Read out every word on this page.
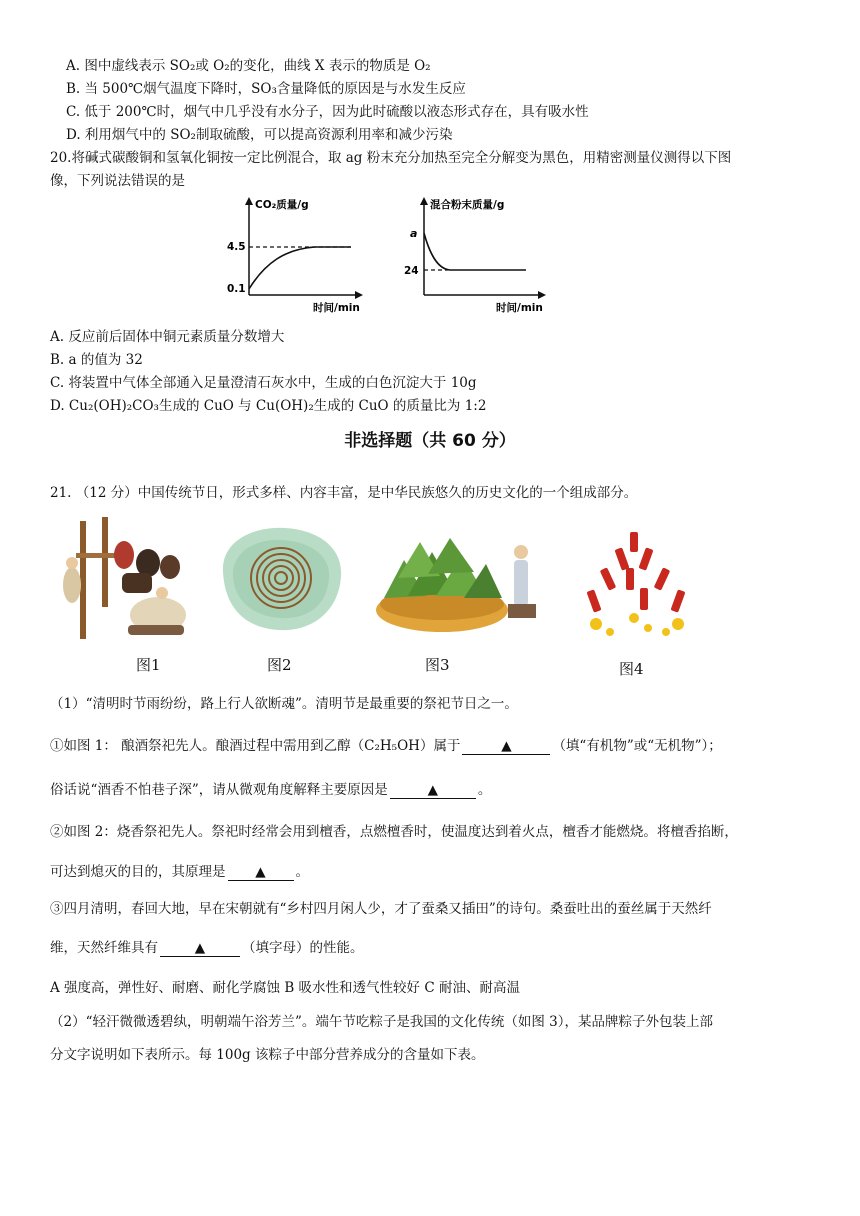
A. 图中虚线表示 SO₂或 O₂的变化，曲线 X 表示的物质是 O₂
B. 当 500℃烟气温度下降时，SO₃含量降低的原因是与水发生反应
C. 低于 200℃时，烟气中几乎没有水分子，因为此时硫酸以液态形式存在，具有吸水性
D. 利用烟气中的 SO₂制取硫酸，可以提高资源利用率和减少污染
20.将碱式碳酸铜和氢氧化铜按一定比例混合，取 ag 粉末充分加热至完全分解变为黑色，用精密测量仪测得以下图
像，下列说法错误的是
CO₂质量/g
4.5
0.1
时间/min
混合粉末质量/g
a
24
时间/min
A. 反应前后固体中铜元素质量分数增大
B. a 的值为 32
C. 将装置中气体全部通入足量澄清石灰水中，生成的白色沉淀大于 10g
D. Cu₂(OH)₂CO₃生成的 CuO 与 Cu(OH)₂生成的 CuO 的质量比为 1:2
非选择题（共 60 分）
21. （12 分）中国传统节日，形式多样、内容丰富，是中华民族悠久的历史文化的一个组成部分。
图1	图2	图3	图4
（1）“清明时节雨纷纷，路上行人欲断魂”。清明节是最重要的祭祀节日之一。
①如图 1： 酿酒祭祀先人。酿酒过程中需用到乙醇（C₂H₅OH）属于	▲	（填“有机物”或“无机物”）；
俗话说“酒香不怕巷子深”，请从微观角度解释主要原因是	▲	。
②如图 2：烧香祭祀先人。祭祀时经常会用到檀香，点燃檀香时，使温度达到着火点，檀香才能燃烧。将檀香掐断，
可达到熄灭的目的，其原理是 ▲ 。
③四月清明，春回大地，早在宋朝就有“乡村四月闲人少，才了蚕桑又插田”的诗句。桑蚕吐出的蚕丝属于天然纤
维，天然纤维具有	▲	（填字母）的性能。
A 强度高，弹性好、耐磨、耐化学腐蚀 B 吸水性和透气性较好 C 耐油、耐高温
（2）“轻汗微微透碧纨，明朝端午浴芳兰”。端午节吃粽子是我国的文化传统（如图 3），某品牌粽子外包装上部
分文字说明如下表所示。每 100g 该粽子中部分营养成分的含量如下表。
